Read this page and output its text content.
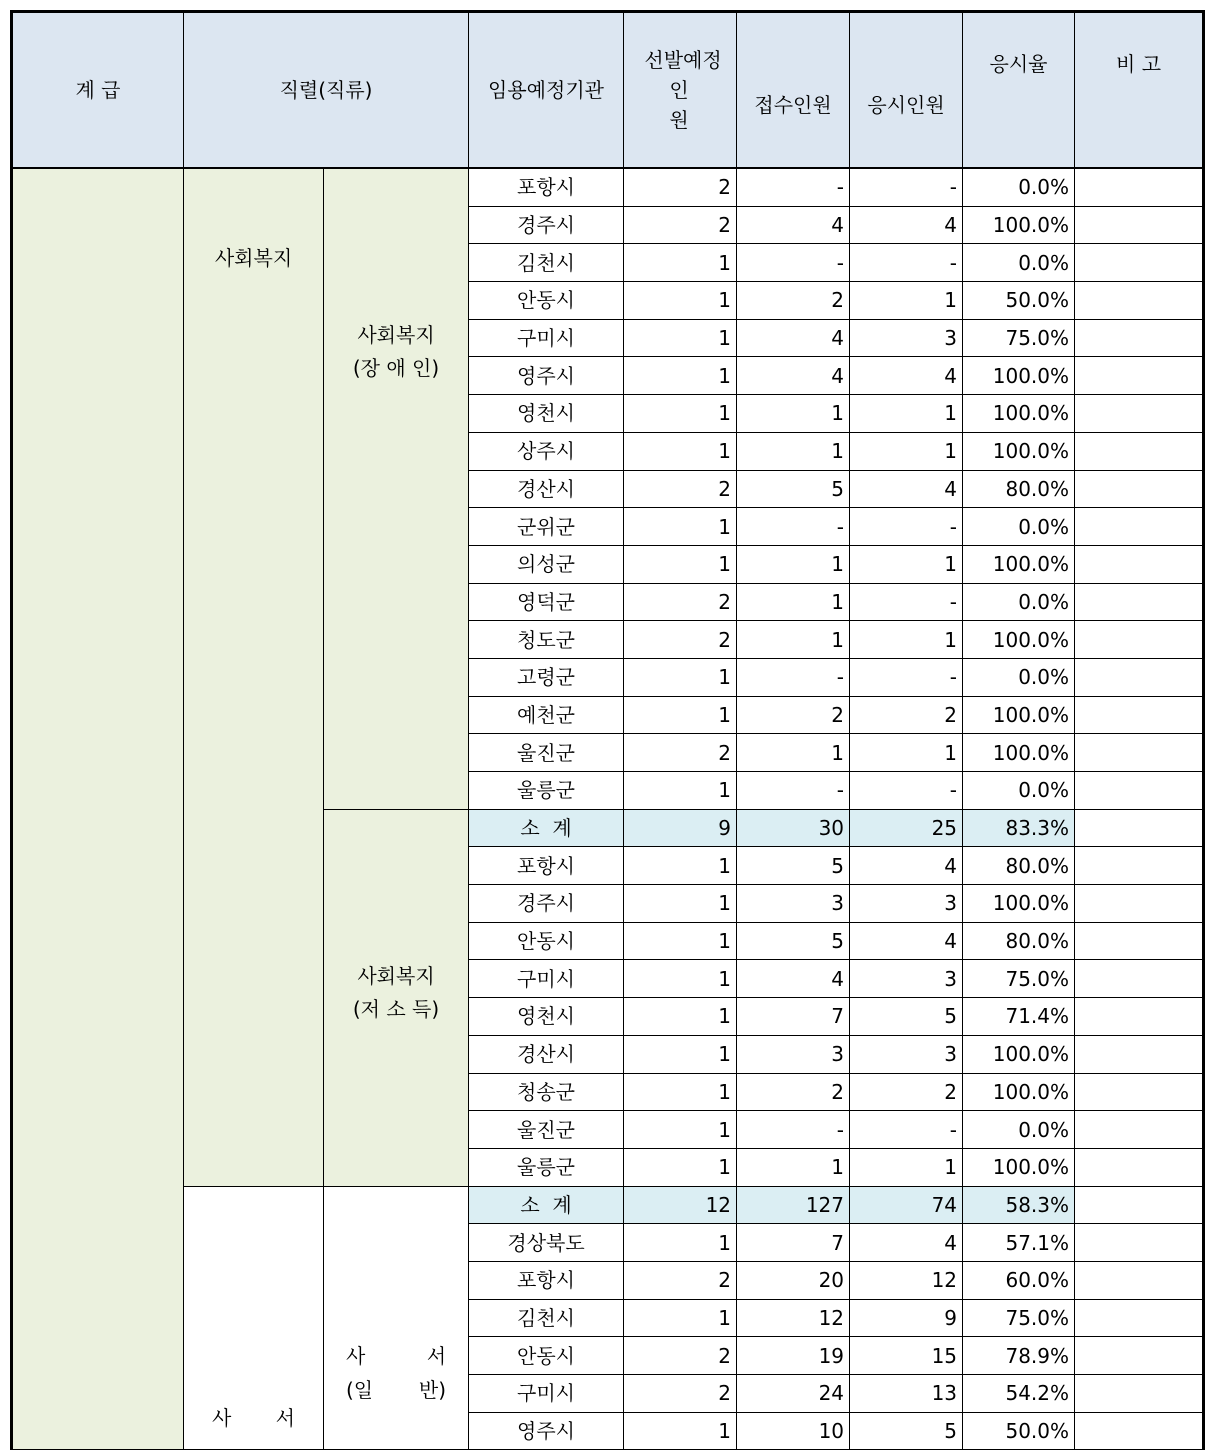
계 급	직렬(직류)		임용예정기관	선발예정
인
원	접수인원	응시인원	응시율	비 고
	사회복지	사회복지
(장 애 인)	포항시	2	-	-	0.0%	
			경주시	2	4	4	100.0%	
			김천시	1	-	-	0.0%	
			안동시	1	2	1	50.0%	
			구미시	1	4	3	75.0%	
			영주시	1	4	4	100.0%	
			영천시	1	1	1	100.0%	
			상주시	1	1	1	100.0%	
			경산시	2	5	4	80.0%	
			군위군	1	-	-	0.0%	
			의성군	1	1	1	100.0%	
			영덕군	2	1	-	0.0%	
			청도군	2	1	1	100.0%	
			고령군	1	-	-	0.0%	
			예천군	1	2	2	100.0%	
			울진군	2	1	1	100.0%	
			울릉군	1	-	-	0.0%	

		사회복지
(저 소 득)	소  계	9	30	25	83.3%	
			포항시	1	5	4	80.0%	
			경주시	1	3	3	100.0%	
			안동시	1	5	4	80.0%	
			구미시	1	4	3	75.0%	
			영천시	1	7	5	71.4%	
			경산시	1	3	3	100.0%	
			청송군	1	2	2	100.0%	
			울진군	1	-	-	0.0%	
			울릉군	1	1	1	100.0%	

	사 서	사 서
(일 반)	소  계	12	127	74	58.3%	
			경상북도	1	7	4	57.1%	
			포항시	2	20	12	60.0%	
			김천시	1	12	9	75.0%	
			안동시	2	19	15	78.9%	
			구미시	2	24	13	54.2%	
			영주시	1	10	5	50.0%	
